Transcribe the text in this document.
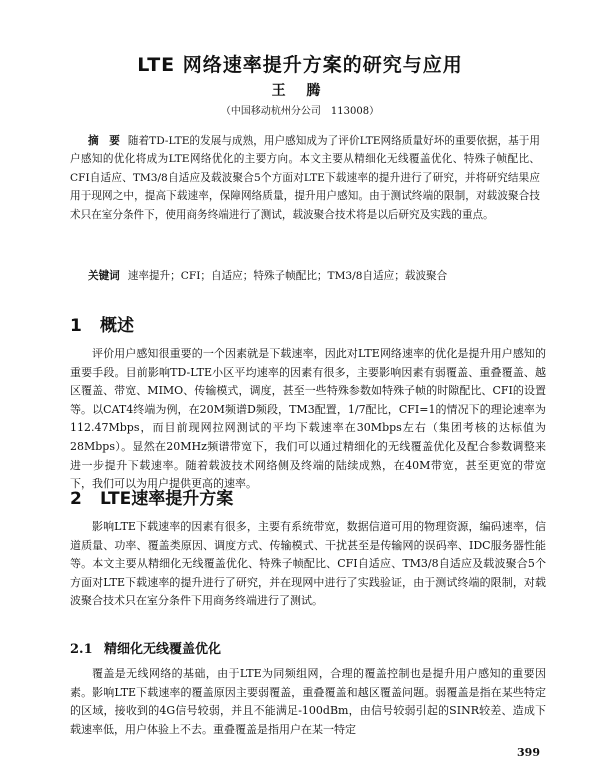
LTE 网络速率提升方案的研究与应用
王 腾
（中国移动杭州分公司　113008）
摘　要 随着TD-LTE的发展与成熟，用户感知成为了评价LTE网络质量好坏的重要依据，基于用户感知的优化将成为LTE网络优化的主要方向。本文主要从精细化无线覆盖优化、特殊子帧配比、CFI自适应、TM3/8自适应及载波聚合5个方面对LTE下载速率的提升进行了研究，并将研究结果应用于现网之中，提高下载速率，保障网络质量，提升用户感知。由于测试终端的限制，对载波聚合技术只在室分条件下，使用商务终端进行了测试，载波聚合技术将是以后研究及实践的重点。
关键词 速率提升；CFI；自适应；特殊子帧配比；TM3/8自适应；载波聚合
1 概述
评价用户感知很重要的一个因素就是下载速率，因此对LTE网络速率的优化是提升用户感知的重要手段。目前影响TD-LTE小区平均速率的因素有很多，主要影响因素有弱覆盖、重叠覆盖、越区覆盖、带宽、MIMO、传输模式，调度，甚至一些特殊参数如特殊子帧的时隙配比、CFI的设置等。以CAT4终端为例，在20M频谱D频段，TM3配置，1/7配比，CFI=1的情况下的理论速率为112.47Mbps，而目前现网拉网测试的平均下载速率在30Mbps左右（集团考核的达标值为28Mbps）。显然在20MHz频谱带宽下，我们可以通过精细化的无线覆盖优化及配合参数调整来进一步提升下载速率。随着载波技术网络侧及终端的陆续成熟，在40M带宽，甚至更宽的带宽下，我们可以为用户提供更高的速率。
2 LTE速率提升方案
影响LTE下载速率的因素有很多，主要有系统带宽，数据信道可用的物理资源，编码速率，信道质量、功率、覆盖类原因、调度方式、传输模式、干扰甚至是传输网的误码率、IDC服务器性能等。本文主要从精细化无线覆盖优化、特殊子帧配比、CFI自适应、TM3/8自适应及载波聚合5个方面对LTE下载速率的提升进行了研究，并在现网中进行了实践验证，由于测试终端的限制，对载波聚合技术只在室分条件下用商务终端进行了测试。
2.1 精细化无线覆盖优化
覆盖是无线网络的基础，由于LTE为同频组网，合理的覆盖控制也是提升用户感知的重要因素。影响LTE下载速率的覆盖原因主要弱覆盖，重叠覆盖和越区覆盖问题。弱覆盖是指在某些特定的区域，接收到的4G信号较弱，并且不能满足-100dBm，由信号较弱引起的SINR较差、造成下载速率低，用户体验上不去。重叠覆盖是指用户在某一特定
399
